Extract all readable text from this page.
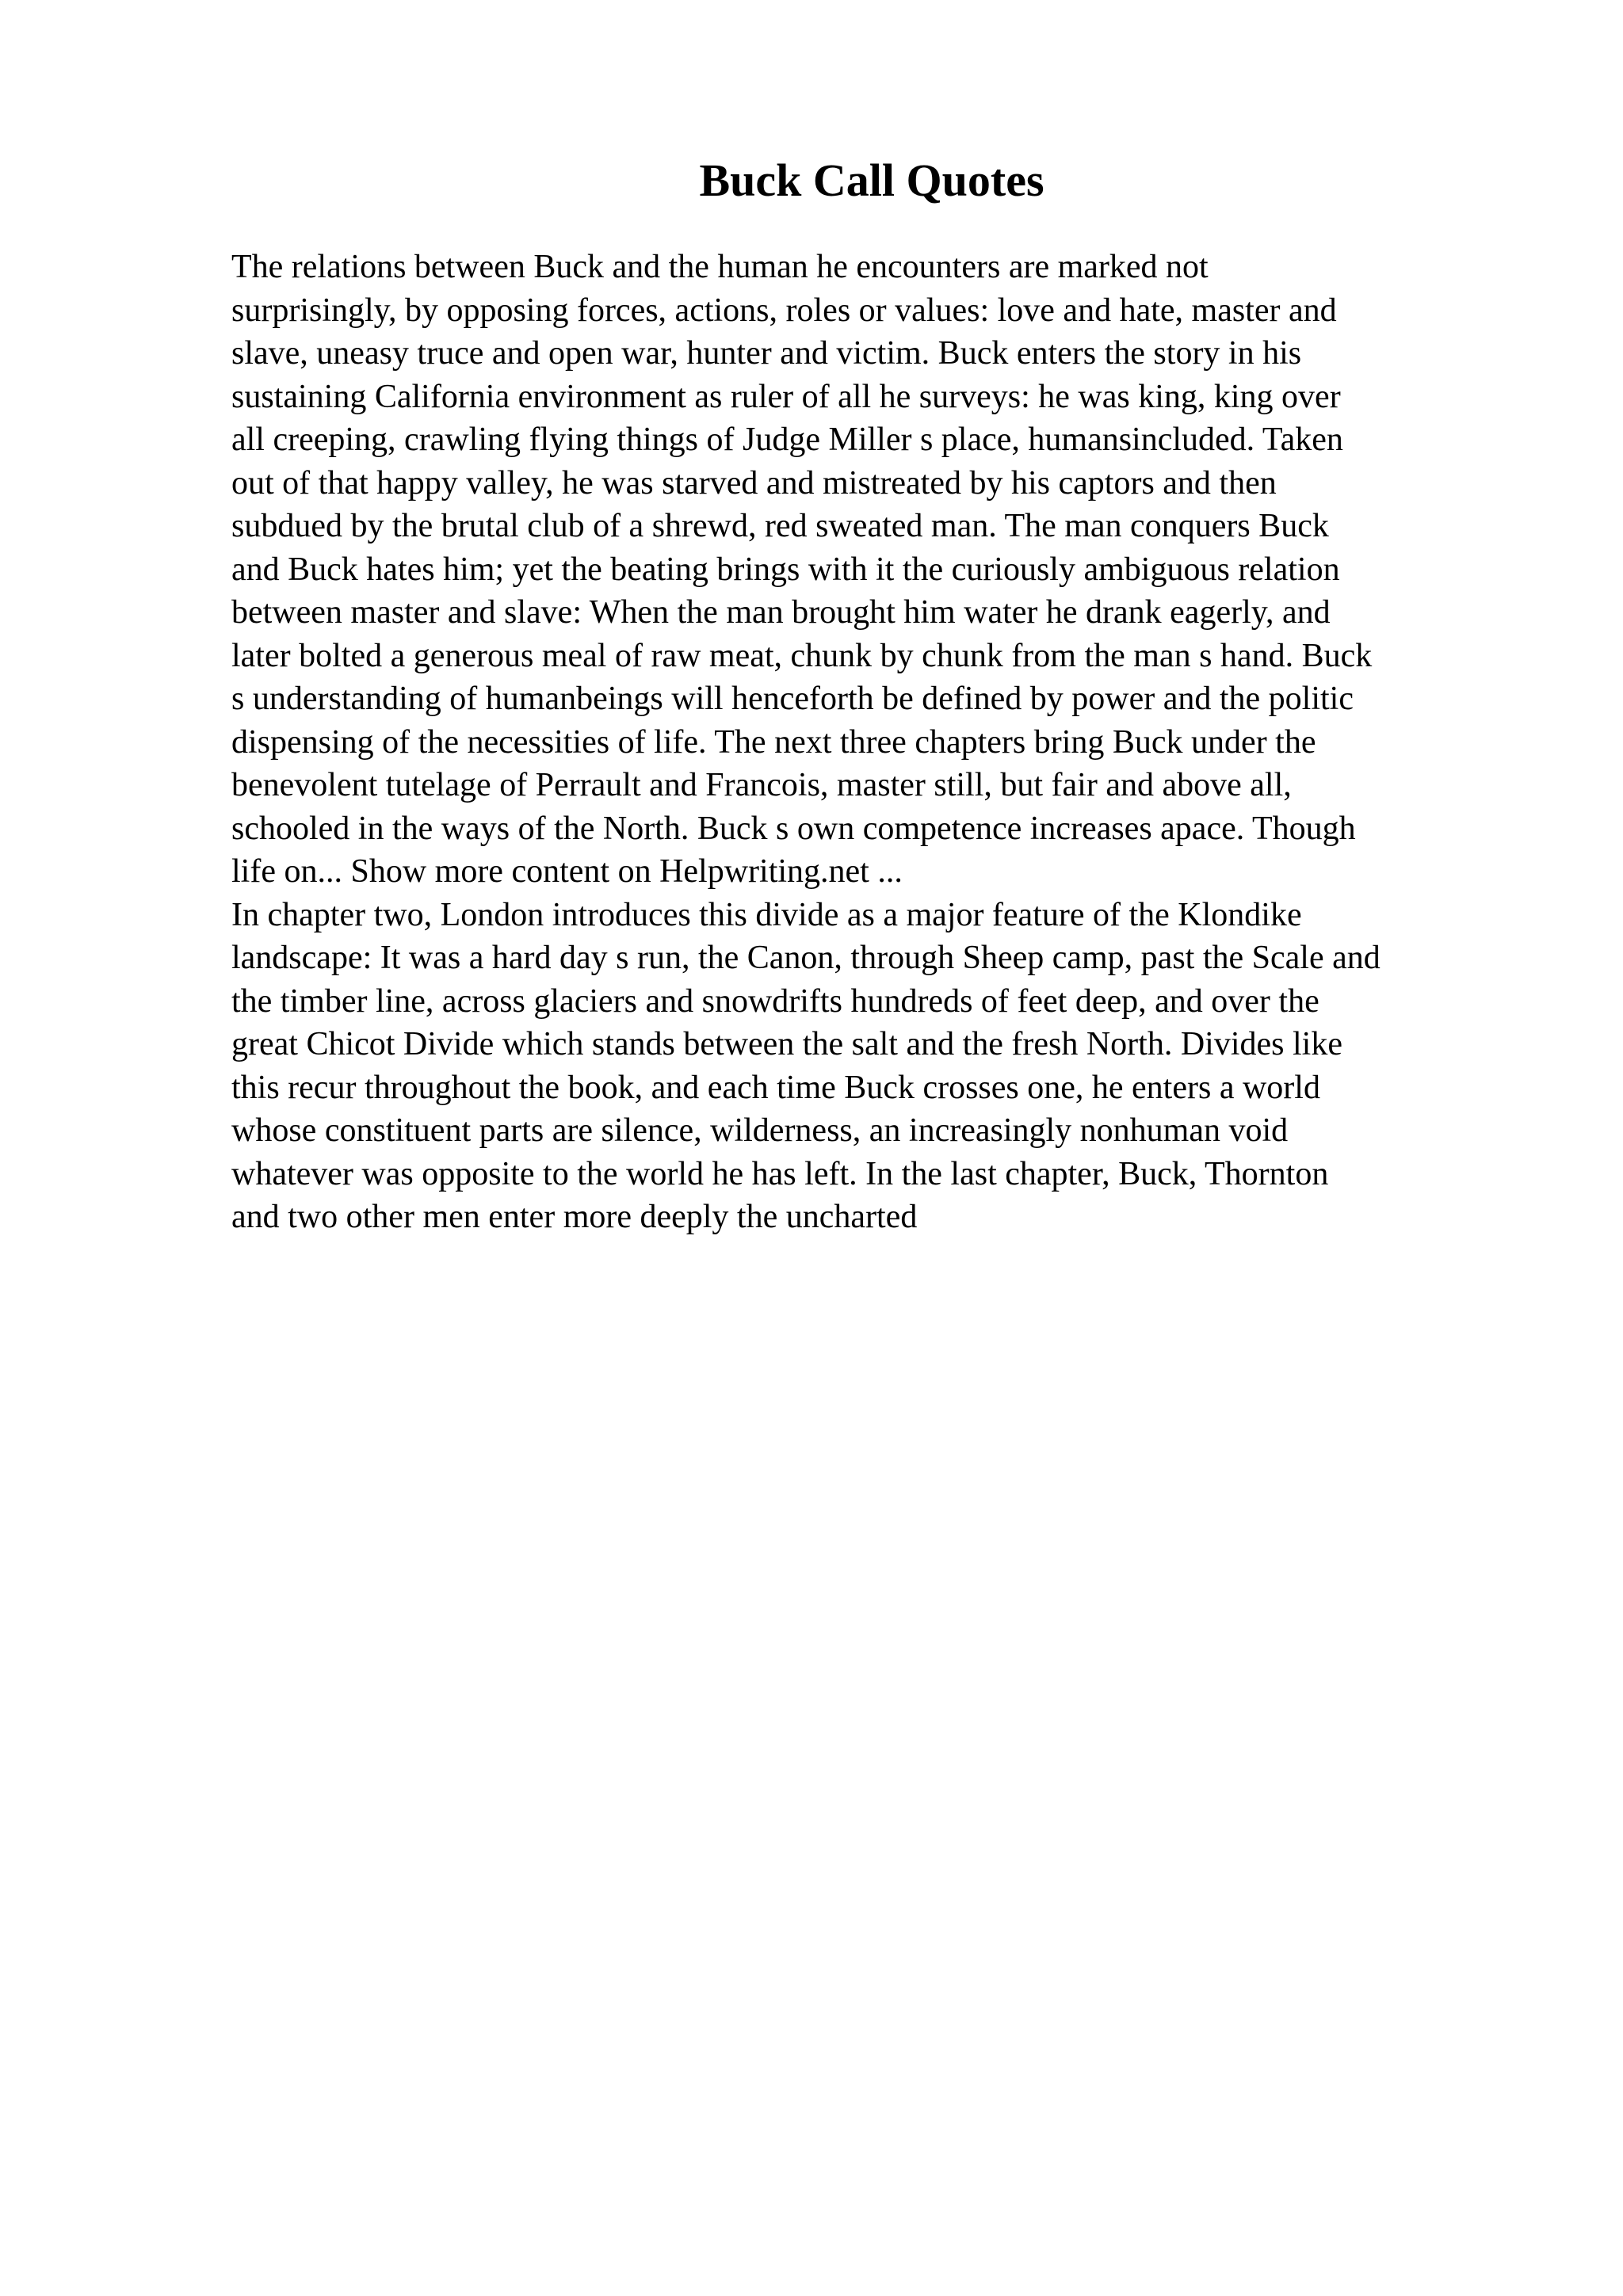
Buck Call Quotes
The relations between Buck and the human he encounters are marked not
surprisingly, by opposing forces, actions, roles or values: love and hate, master and
slave, uneasy truce and open war, hunter and victim. Buck enters the story in his
sustaining California environment as ruler of all he surveys: he was king, king over
all creeping, crawling flying things of Judge Miller s place, humansincluded. Taken
out of that happy valley, he was starved and mistreated by his captors and then
subdued by the brutal club of a shrewd, red sweated man. The man conquers Buck
and Buck hates him; yet the beating brings with it the curiously ambiguous relation
between master and slave: When the man brought him water he drank eagerly, and
later bolted a generous meal of raw meat, chunk by chunk from the man s hand. Buck
s understanding of humanbeings will henceforth be defined by power and the politic
dispensing of the necessities of life. The next three chapters bring Buck under the
benevolent tutelage of Perrault and Francois, master still, but fair and above all,
schooled in the ways of the North. Buck s own competence increases apace. Though
life on... Show more content on Helpwriting.net ...
In chapter two, London introduces this divide as a major feature of the Klondike
landscape: It was a hard day s run, the Canon, through Sheep camp, past the Scale and
the timber line, across glaciers and snowdrifts hundreds of feet deep, and over the
great Chicot Divide which stands between the salt and the fresh North. Divides like
this recur throughout the book, and each time Buck crosses one, he enters a world
whose constituent parts are silence, wilderness, an increasingly nonhuman void
whatever was opposite to the world he has left. In the last chapter, Buck, Thornton
and two other men enter more deeply the uncharted
